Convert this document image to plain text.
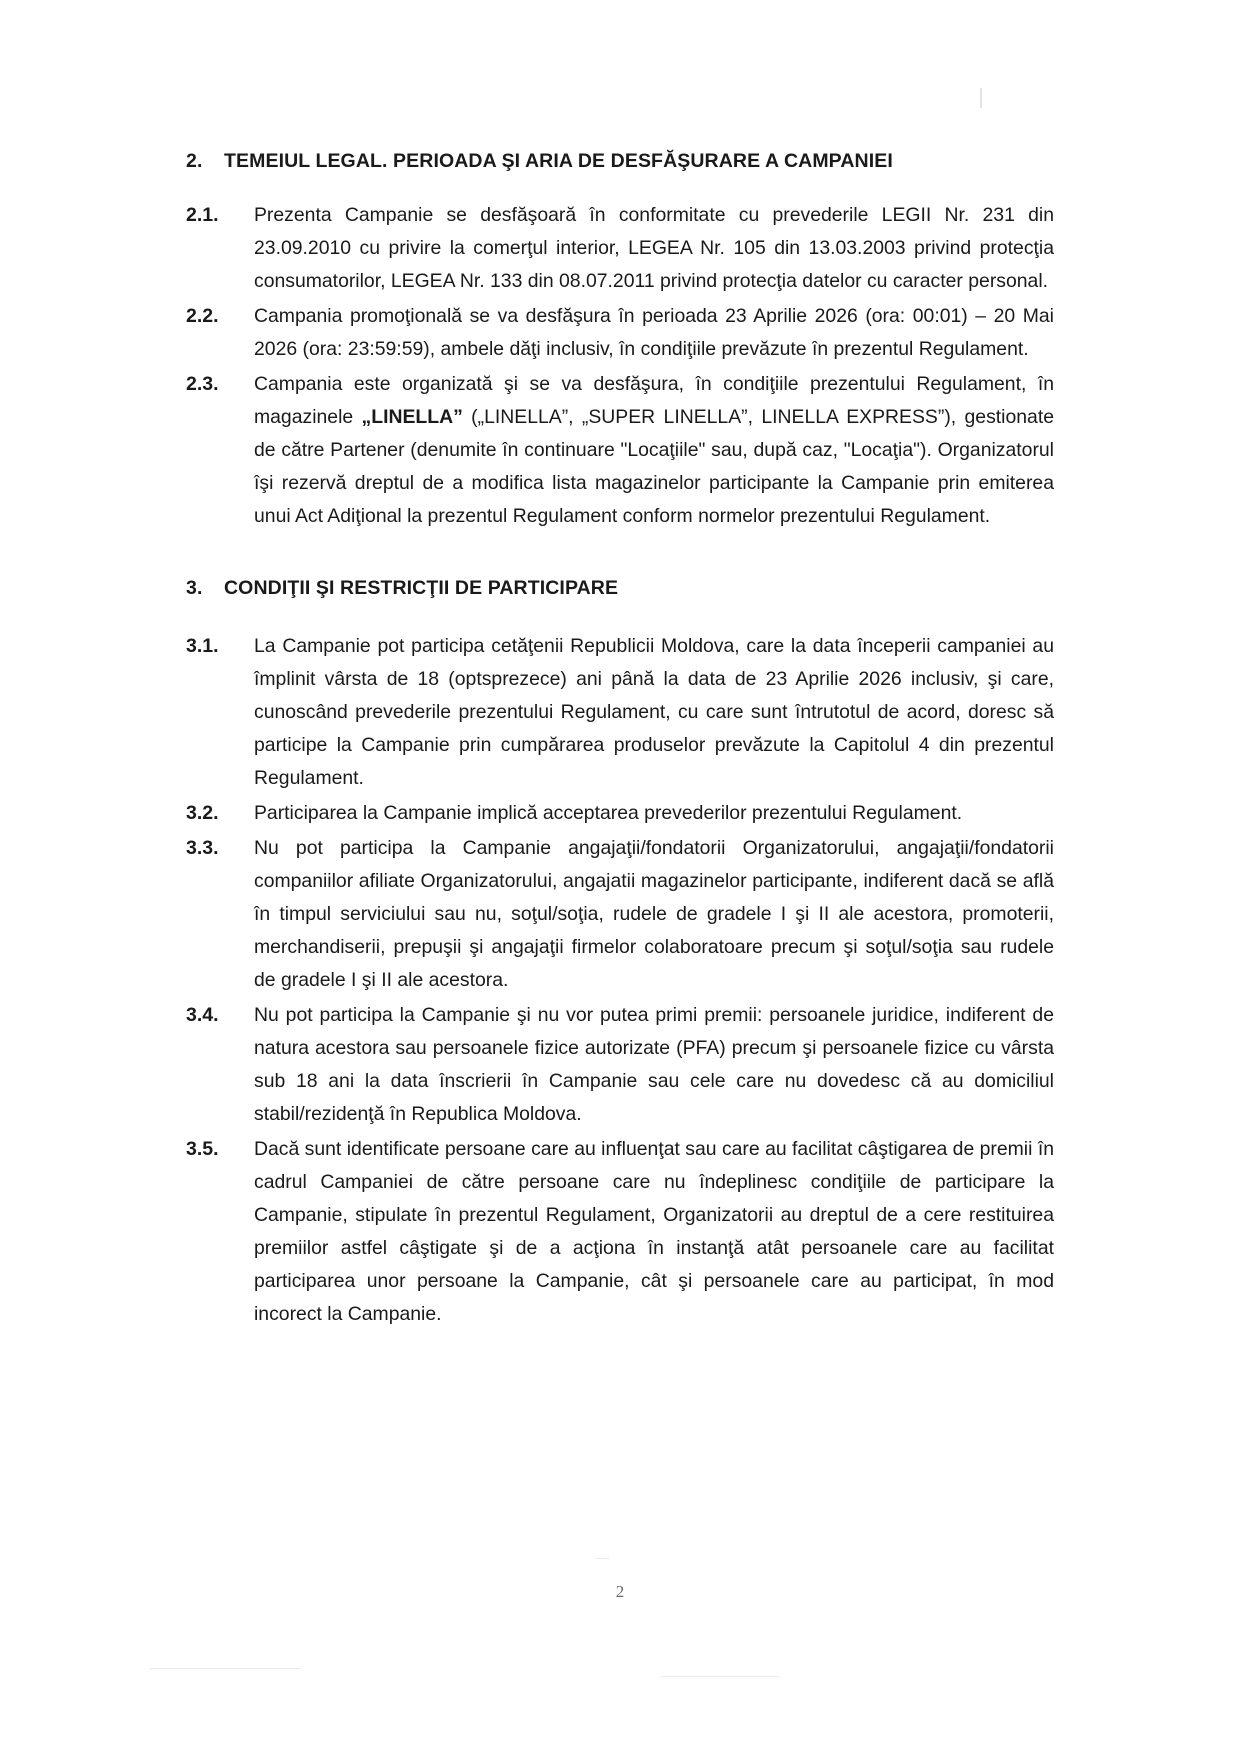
2.	TEMEIUL LEGAL. PERIOADA ŞI ARIA DE DESFĂŞURARE A CAMPANIEI
2.1.	Prezenta Campanie se desfăşoară în conformitate cu prevederile LEGII Nr. 231 din 23.09.2010 cu privire la comerţul interior, LEGEA Nr. 105 din 13.03.2003 privind protecţia consumatorilor, LEGEA Nr. 133 din 08.07.2011 privind protecţia datelor cu caracter personal.
2.2.	Campania promoţională se va desfăşura în perioada 23 Aprilie 2026 (ora: 00:01) – 20 Mai 2026 (ora: 23:59:59), ambele dăţi inclusiv, în condiţiile prevăzute în prezentul Regulament.
2.3.	Campania este organizată şi se va desfăşura, în condiţiile prezentului Regulament, în magazinele „LINELLA” („LINELLA”, „SUPER LINELLA”, LINELLA EXPRESS”), gestionate de către Partener (denumite în continuare "Locaţiile" sau, după caz, "Locaţia"). Organizatorul îşi rezervă dreptul de a modifica lista magazinelor participante la Campanie prin emiterea unui Act Adiţional la prezentul Regulament conform normelor prezentului Regulament.
3.	CONDIŢII ŞI RESTRICŢII DE PARTICIPARE
3.1.	La Campanie pot participa cetăţenii Republicii Moldova, care la data începerii campaniei au împlinit vârsta de 18 (optsprezece) ani până la data de 23 Aprilie 2026 inclusiv, şi care, cunoscând prevederile prezentului Regulament, cu care sunt întrutotul de acord, doresc să participe la Campanie prin cumpărarea produselor prevăzute la Capitolul 4 din prezentul Regulament.
3.2.	Participarea la Campanie implică acceptarea prevederilor prezentului Regulament.
3.3.	Nu pot participa la Campanie angajaţii/fondatorii Organizatorului, angajaţii/fondatorii companiilor afiliate Organizatorului, angajatii magazinelor participante, indiferent dacă se află în timpul serviciului sau nu, soţul/soţia, rudele de gradele I şi II ale acestora, promoterii, merchandiserii, prepuşii şi angajaţii firmelor colaboratoare precum şi soţul/soţia sau rudele de gradele I şi II ale acestora.
3.4.	Nu pot participa la Campanie şi nu vor putea primi premii: persoanele juridice, indiferent de natura acestora sau persoanele fizice autorizate (PFA) precum şi persoanele fizice cu vârsta sub 18 ani la data înscrierii în Campanie sau cele care nu dovedesc că au domiciliul stabil/rezidenţă în Republica Moldova.
3.5.	Dacă sunt identificate persoane care au influenţat sau care au facilitat câştigarea de premii în cadrul Campaniei de către persoane care nu îndeplinesc condiţiile de participare la Campanie, stipulate în prezentul Regulament, Organizatorii au dreptul de a cere restituirea premiilor astfel câştigate şi de a acţiona în instanţă atât persoanele care au facilitat participarea unor persoane la Campanie, cât şi persoanele care au participat, în mod incorect la Campanie.
2
